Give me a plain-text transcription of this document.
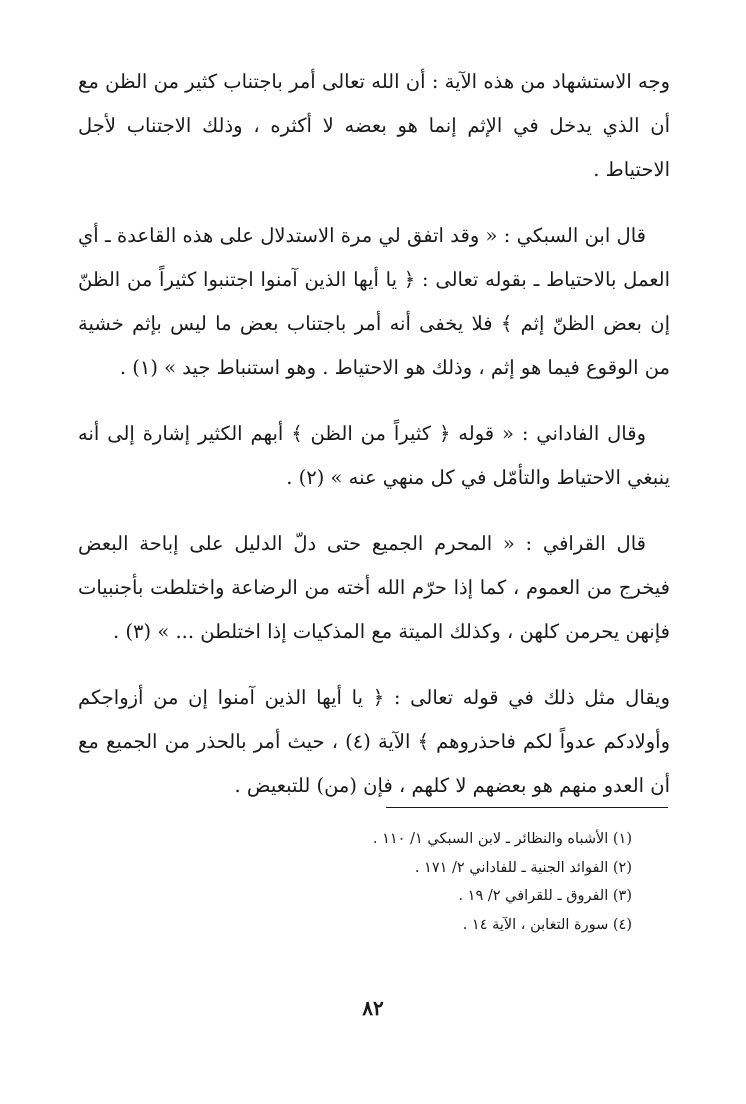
وجه الاستشهاد من هذه الآية : أن الله تعالى أمر باجتناب كثير من الظن مع أن الذي يدخل في الإثم إنما هو بعضه لا أكثره ، وذلك الاجتناب لأجل الاحتياط .

قال ابن السبكي : « وقد اتفق لي مرة الاستدلال على هذه القاعدة ـ أي العمل بالاحتياط ـ بقوله تعالى : ﴿ يا أيها الذين آمنوا اجتنبوا كثيراً من الظنّ إن بعض الظنّ إثم ﴾ فلا يخفى أنه أمر باجتناب بعض ما ليس بإثم خشية من الوقوع فيما هو إثم ، وذلك هو الاحتياط . وهو استنباط جيد » (١) .

وقال الفاداني : « قوله ﴿ كثيراً من الظن ﴾ أبهم الكثير إشارة إلى أنه ينبغي الاحتياط والتأمّل في كل منهي عنه » (٢) .

قال القرافي : « المحرم الجميع حتى دلّ الدليل على إباحة البعض فيخرج من العموم ، كما إذا حرّم الله أخته من الرضاعة واختلطت بأجنبيات فإنهن يحرمن كلهن ، وكذلك الميتة مع المذكيات إذا اختلطن ... » (٣) .

ويقال مثل ذلك في قوله تعالى : ﴿ يا أيها الذين آمنوا إن من أزواجكم وأولادكم عدواً لكم فاحذروهم ﴾ الآية (٤) ، حيث أمر بالحذر من الجميع مع أن العدو منهم هو بعضهم لا كلهم ، فإن (من) للتبعيض .

(١) الأشباه والنظائر ـ لابن السبكي ١/ ١١٠ .

(٢) الفوائد الجنية ـ للفاداني ٢/ ١٧١ .

(٣) الفروق ـ للقرافي ٢/ ١٩ .

(٤) سورة التغابن ، الآية ١٤ .

٨٢
